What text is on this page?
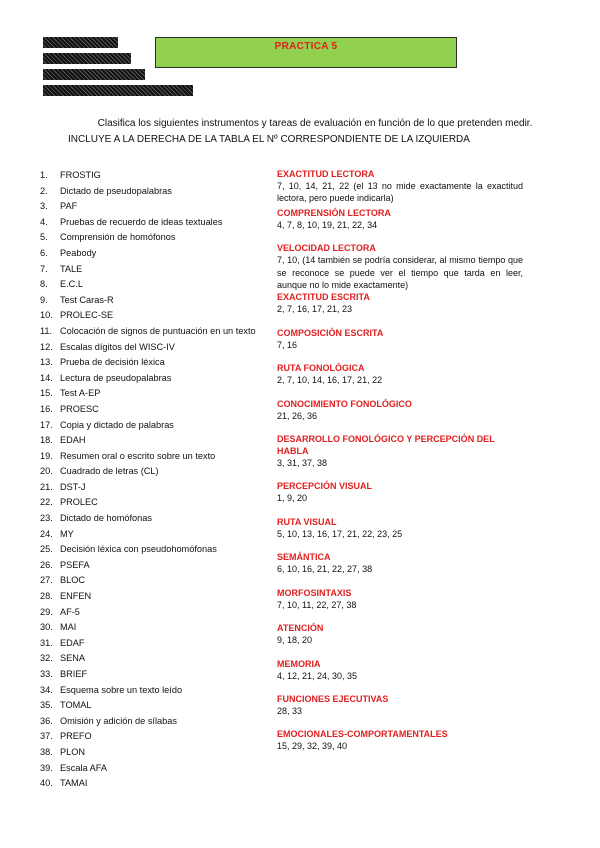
PRACTICA 5
Clasifica los siguientes instrumentos y tareas de evaluación en función de lo que pretenden medir.
INCLUYE A LA DERECHA DE LA TABLA EL Nº CORRESPONDIENTE DE LA IZQUIERDA
1.	FROSTIG
2.	Dictado de pseudopalabras
3.	PAF
4.	Pruebas de recuerdo de ideas textuales
5.	Comprensión de homófonos
6.	Peabody
7.	TALE
8.	E.C.L
9.	Test Caras-R
10. PROLEC-SE
11. Colocación de signos de puntuación en un texto
12. Escalas dígitos del WISC-IV
13. Prueba de decisión léxica
14. Lectura de pseudopalabras
15. Test A-EP
16. PROESC
17. Copia y dictado de palabras
18. EDAH
19. Resumen oral o escrito sobre un texto
20. Cuadrado de letras (CL)
21. DST-J
22. PROLEC
23. Dictado de homófonas
24. MY
25. Decisión léxica con pseudohomófonas
26. PSEFA
27. BLOC
28. ENFEN
29. AF-5
30. MAI
31. EDAF
32. SENA
33. BRIEF
34. Esquema sobre un texto leído
35. TOMAL
36. Omisión y adición de sílabas
37. PREFO
38. PLON
39. Escala AFA
40. TAMAI

EXACTITUD LECTORA

7, 10, 14, 21, 22 (el 13 no mide exactamente la exactitud lectora, pero puede indicarla)

COMPRENSIÓN LECTORA

4, 7, 8, 10, 19, 21, 22, 34

VELOCIDAD LECTORA

7, 10, (14 también se podría considerar, al mismo tiempo que se reconoce se puede ver el tiempo que tarda en leer, aunque no lo mide exactamente)

EXACTITUD ESCRITA

2, 7, 16, 17, 21, 23

COMPOSICIÓN ESCRITA

7, 16

RUTA FONOLÓGICA

2, 7, 10, 14, 16, 17, 21, 22

CONOCIMIENTO FONOLÓGICO

21, 26, 36

DESARROLLO FONOLÓGICO Y PERCEPCIÓN DEL HABLA

3, 31, 37, 38

PERCEPCIÓN VISUAL

1, 9, 20

RUTA VISUAL

5, 10, 13, 16, 17, 21, 22, 23, 25

SEMÁNTICA

6, 10, 16, 21, 22, 27, 38

MORFOSINTAXIS

7, 10, 11, 22, 27, 38

ATENCIÓN

9, 18, 20

MEMORIA

4, 12, 21, 24, 30, 35

FUNCIONES EJECUTIVAS

28, 33

EMOCIONALES-COMPORTAMENTALES

15, 29, 32, 39, 40
